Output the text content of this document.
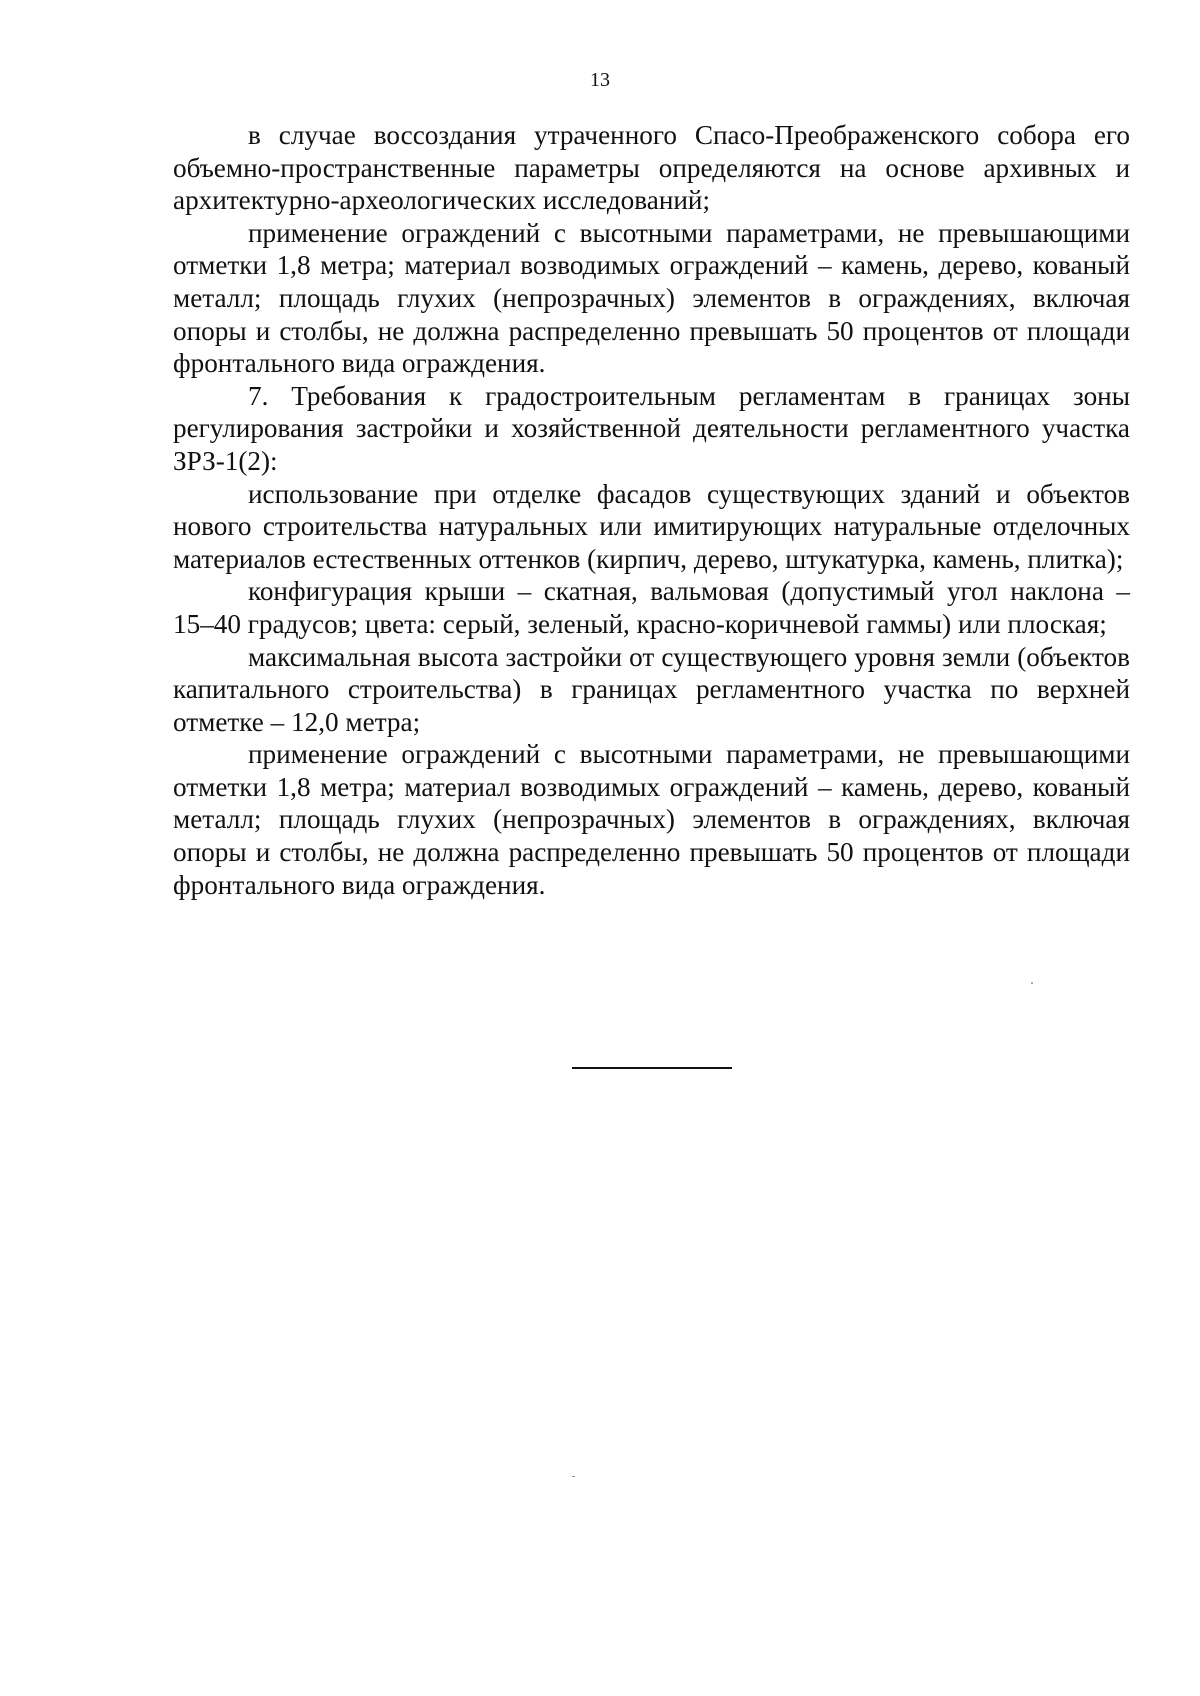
13

в случае воссоздания утраченного Спасо-Преображенского собора его объемно-пространственные параметры определяются на основе архивных и архитектурно-археологических исследований;

применение ограждений с высотными параметрами, не превышающими отметки 1,8 метра; материал возводимых ограждений – камень, дерево, кованый металл; площадь глухих (непрозрачных) элементов в ограждениях, включая опоры и столбы, не должна распределенно превышать 50 процентов от площади фронтального вида ограждения.

7. Требования к градостроительным регламентам в границах зоны регулирования застройки и хозяйственной деятельности регламентного участка ЗРЗ-1(2):

использование при отделке фасадов существующих зданий и объектов нового строительства натуральных или имитирующих натуральные отделочных материалов естественных оттенков (кирпич, дерево, штукатурка, камень, плитка);

конфигурация крыши – скатная, вальмовая (допустимый угол наклона – 15–40 градусов; цвета: серый, зеленый, красно-коричневой гаммы) или плоская;

максимальная высота застройки от существующего уровня земли (объектов капитального строительства) в границах регламентного участка по верхней отметке – 12,0 метра;

применение ограждений с высотными параметрами, не превышающими отметки 1,8 метра; материал возводимых ограждений – камень, дерево, кованый металл; площадь глухих (непрозрачных) элементов в ограждениях, включая опоры и столбы, не должна распределенно превышать 50 процентов от площади фронтального вида ограждения.
